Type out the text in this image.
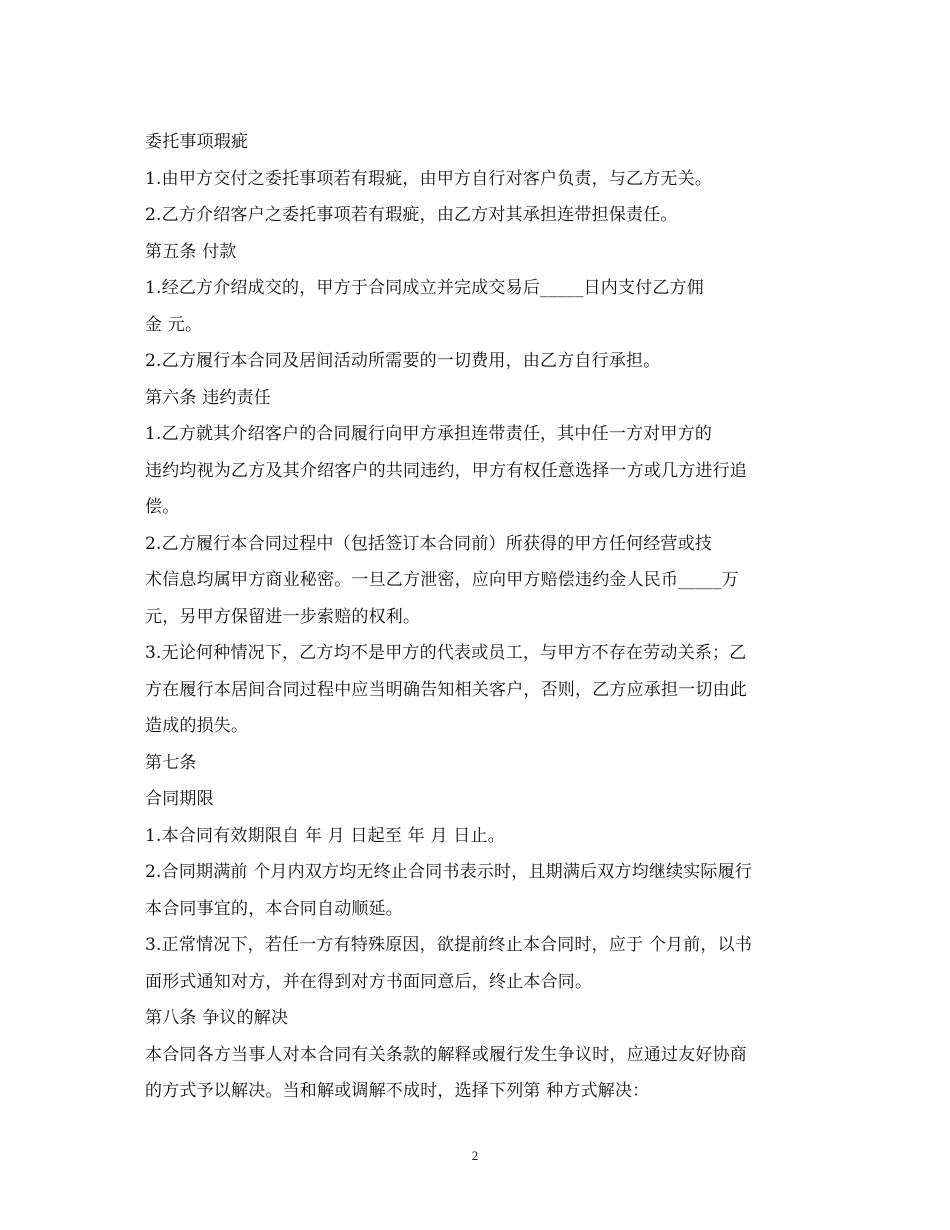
委托事项瑕疵
1.由甲方交付之委托事项若有瑕疵，由甲方自行对客户负责，与乙方无关。
2.乙方介绍客户之委托事项若有瑕疵，由乙方对其承担连带担保责任。
第五条 付款
1.经乙方介绍成交的，甲方于合同成立并完成交易后_____日内支付乙方佣
金 元。
2.乙方履行本合同及居间活动所需要的一切费用，由乙方自行承担。
第六条 违约责任
1.乙方就其介绍客户的合同履行向甲方承担连带责任，其中任一方对甲方的
违约均视为乙方及其介绍客户的共同违约，甲方有权任意选择一方或几方进行追
偿。
2.乙方履行本合同过程中（包括签订本合同前）所获得的甲方任何经营或技
术信息均属甲方商业秘密。一旦乙方泄密，应向甲方赔偿违约金人民币_____万
元，另甲方保留进一步索赔的权利。
3.无论何种情况下，乙方均不是甲方的代表或员工，与甲方不存在劳动关系；乙
方在履行本居间合同过程中应当明确告知相关客户，否则，乙方应承担一切由此
造成的损失。
第七条
合同期限
1.本合同有效期限自 年 月 日起至 年 月 日止。
2.合同期满前 个月内双方均无终止合同书表示时，且期满后双方均继续实际履行
本合同事宜的，本合同自动顺延。
3.正常情况下，若任一方有特殊原因，欲提前终止本合同时，应于 个月前，以书
面形式通知对方，并在得到对方书面同意后，终止本合同。
第八条 争议的解决
本合同各方当事人对本合同有关条款的解释或履行发生争议时，应通过友好协商
的方式予以解决。当和解或调解不成时，选择下列第 种方式解决：
2
